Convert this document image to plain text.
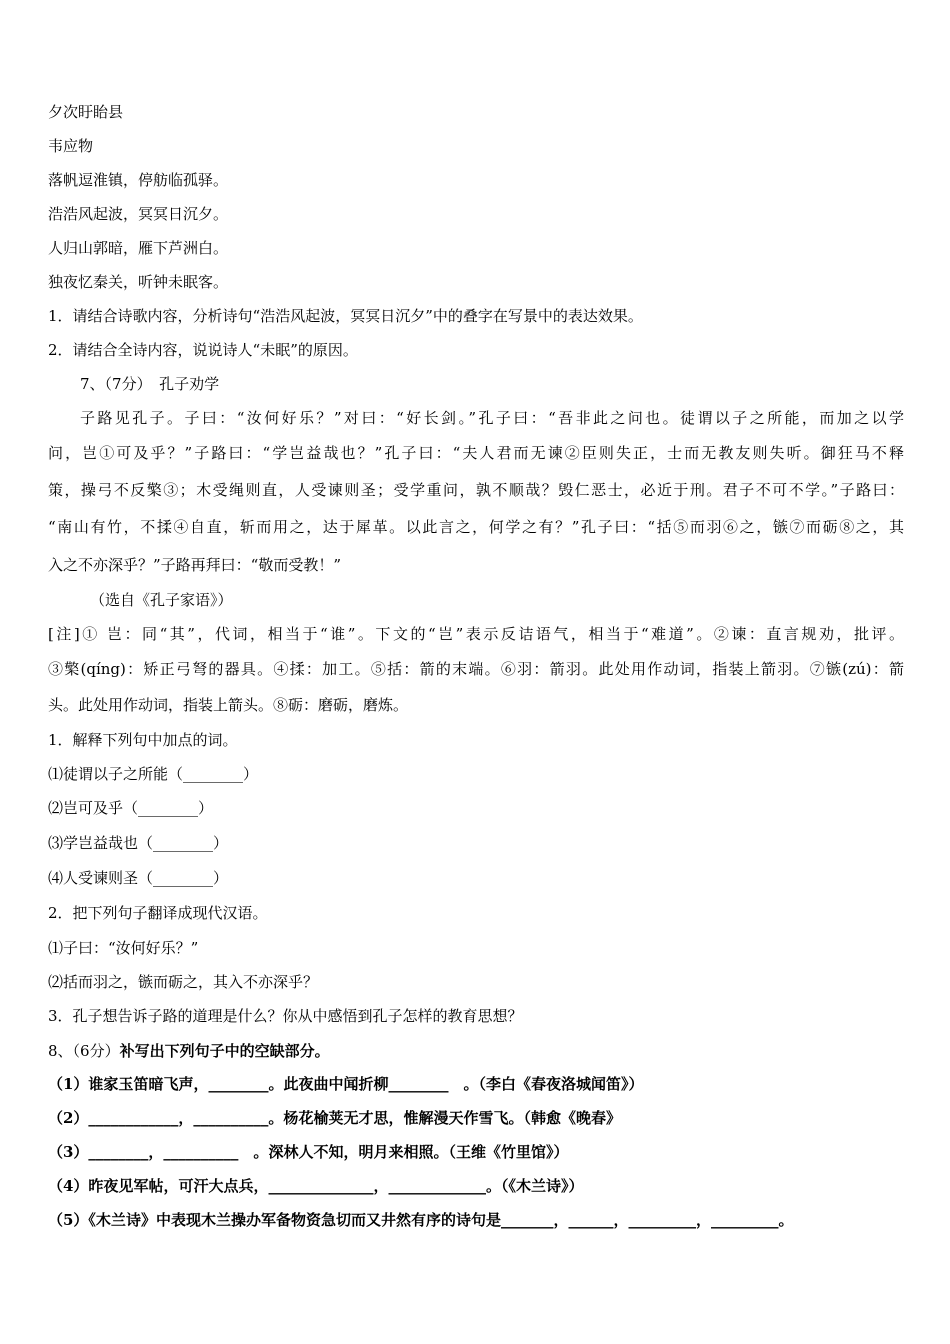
夕次盱眙县
韦应物
落帆逗淮镇，停舫临孤驿。
浩浩风起波，冥冥日沉夕。
人归山郭暗，雁下芦洲白。
独夜忆秦关，听钟未眠客。
1．请结合诗歌内容，分析诗句“浩浩风起波，冥冥日沉夕”中的叠字在写景中的表达效果。
2．请结合全诗内容，说说诗人“未眠”的原因。
7、（7分）　孔子劝学
子路见孔子。子曰：“汝何好乐？”对曰：“好长剑。”孔子曰：“吾非此之问也。徒谓以子之所能，而加之以学
问，岂①可及乎？”子路曰：“学岂益哉也？”孔子曰：“夫人君而无谏②臣则失正，士而无教友则失听。御狂马不释
策，操弓不反檠③；木受绳则直，人受谏则圣；受学重问，孰不顺哉？毁仁恶士，必近于刑。君子不可不学。”子路曰：
“南山有竹，不揉④自直，斩而用之，达于犀革。以此言之，何学之有？”孔子曰：“括⑤而羽⑥之，镞⑦而砺⑧之，其
入之不亦深乎？”子路再拜曰：“敬而受教！”
（选自《孔子家语》）
[注]① 岂：同“其”，代词，相当于“谁”。下文的“岂”表示反诘语气，相当于“难道”。②谏：直言规劝，批评。
③檠(qíng)：矫正弓弩的器具。④揉：加工。⑤括：箭的末端。⑥羽：箭羽。此处用作动词，指装上箭羽。⑦镞(zú)：箭
头。此处用作动词，指装上箭头。⑧砺：磨砺，磨炼。
1．解释下列句中加点的词。
⑴徒谓以子之所能（________）
⑵岂可及乎（________）
⑶学岂益哉也（________）
⑷人受谏则圣（________）
2．把下列句子翻译成现代汉语。
⑴子曰：“汝何好乐？”
⑵括而羽之，镞而砺之，其入不亦深乎？
3．孔子想告诉子路的道理是什么？你从中感悟到孔子怎样的教育思想？
8、（6分）补写出下列句子中的空缺部分。
（1）谁家玉笛暗飞声，________。此夜曲中闻折柳________　。（李白《春夜洛城闻笛》）
（2）____________，__________。杨花榆荚无才思，惟解漫天作雪飞。（韩愈《晚春》
（3）________，__________　。深林人不知，明月来相照。（王维《竹里馆》）
（4）昨夜见军帖，可汗大点兵，______________，_____________。（《木兰诗》）
（5）《木兰诗》中表现木兰操办军备物资急切而又井然有序的诗句是_______，______，_________，_________。
